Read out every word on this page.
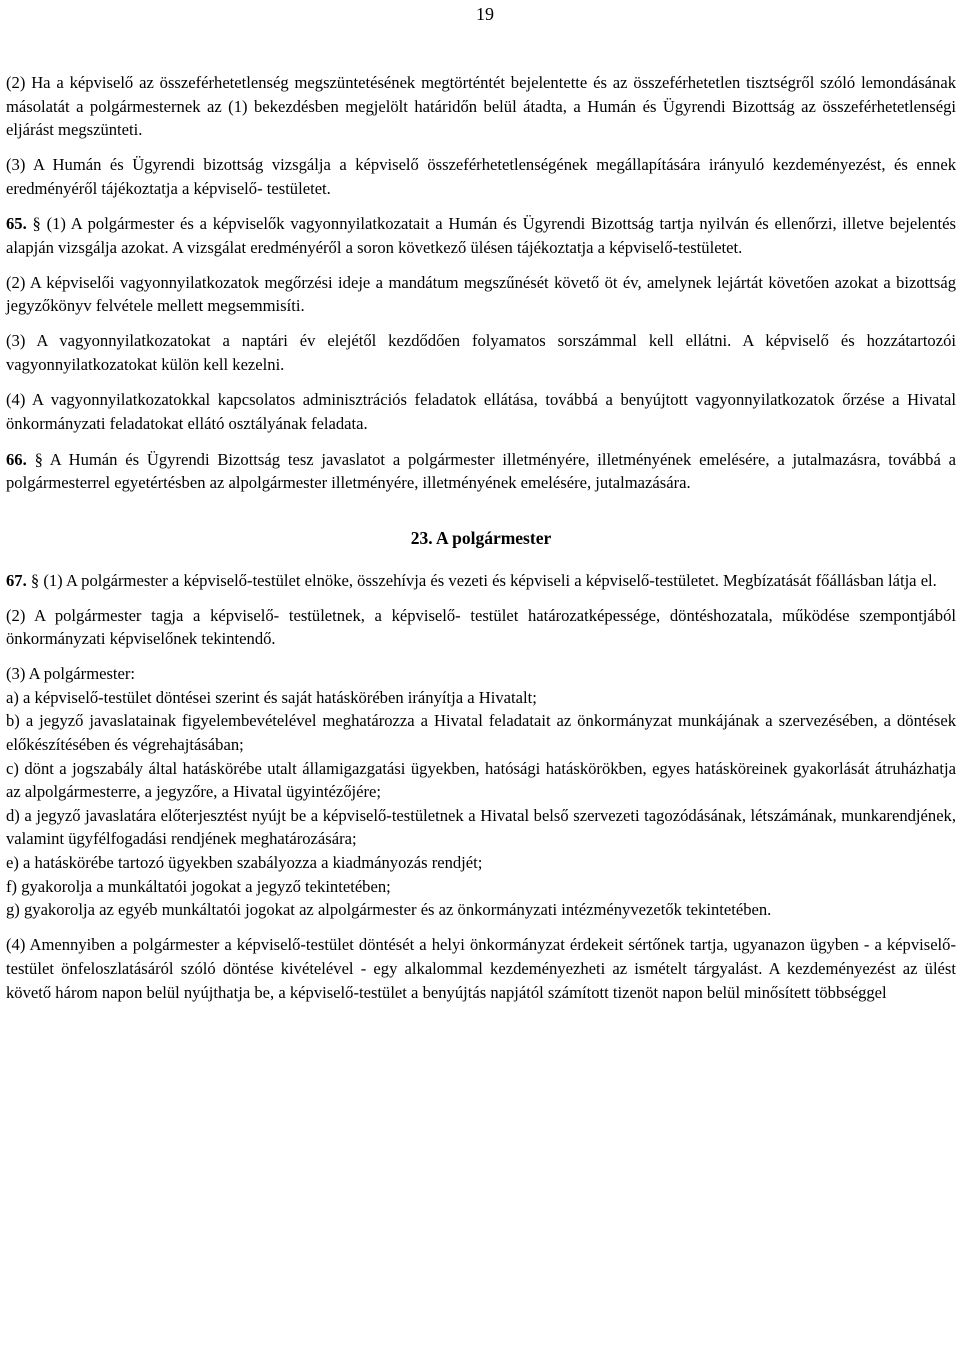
19

(2) Ha a képviselő az összeférhetetlenség megszüntetésének megtörténtét bejelentette és az összeférhetetlen tisztségről szóló lemondásának másolatát a polgármesternek az (1) bekezdésben megjelölt határidőn belül átadta, a Humán és Ügyrendi Bizottság az összeférhetetlenségi eljárást megszünteti.

(3) A Humán és Ügyrendi bizottság vizsgálja a képviselő összeférhetetlenségének megállapítására irányuló kezdeményezést, és ennek eredményéről tájékoztatja a képviselő- testületet.

65. § (1) A polgármester és a képviselők vagyonnyilatkozatait a Humán és Ügyrendi Bizottság tartja nyilván és ellenőrzi, illetve bejelentés alapján vizsgálja azokat. A vizsgálat eredményéről a soron következő ülésen tájékoztatja a képviselő-testületet.

(2) A képviselői vagyonnyilatkozatok megőrzési ideje a mandátum megszűnését követő öt év, amelynek lejártát követően azokat a bizottság jegyzőkönyv felvétele mellett megsemmisíti.

(3) A vagyonnyilatkozatokat a naptári év elejétől kezdődően folyamatos sorszámmal kell ellátni. A képviselő és hozzátartozói vagyonnyilatkozatokat külön kell kezelni.

(4) A vagyonnyilatkozatokkal kapcsolatos adminisztrációs feladatok ellátása, továbbá a benyújtott vagyonnyilatkozatok őrzése a Hivatal önkormányzati feladatokat ellátó osztályának feladata.

66. § A Humán és Ügyrendi Bizottság tesz javaslatot a polgármester illetményére, illetményének emelésére, a jutalmazásra, továbbá a polgármesterrel egyetértésben az alpolgármester illetményére, illetményének emelésére, jutalmazására.

23. A polgármester

67. § (1) A polgármester a képviselő-testület elnöke, összehívja és vezeti és képviseli a képviselő-testületet. Megbízatását főállásban látja el.

(2) A polgármester tagja a képviselő- testületnek, a képviselő- testület határozatképessége, döntéshozatala, működése szempontjából önkormányzati képviselőnek tekintendő.

(3) A polgármester:
a) a képviselő-testület döntései szerint és saját hatáskörében irányítja a Hivatalt;
b) a jegyző javaslatainak figyelembevételével meghatározza a Hivatal feladatait az önkormányzat munkájának a szervezésében, a döntések előkészítésében és végrehajtásában;
c) dönt a jogszabály által hatáskörébe utalt államigazgatási ügyekben, hatósági hatáskörökben, egyes hatásköreinek gyakorlását átruházhatja az alpolgármesterre, a jegyzőre, a Hivatal ügyintézőjére;
d) a jegyző javaslatára előterjesztést nyújt be a képviselő-testületnek a Hivatal belső szervezeti tagozódásának, létszámának, munkarendjének, valamint ügyfélfogadási rendjének meghatározására;
e) a hatáskörébe tartozó ügyekben szabályozza a kiadmányozás rendjét;
f) gyakorolja a munkáltatói jogokat a jegyző tekintetében;
g) gyakorolja az egyéb munkáltatói jogokat az alpolgármester és az önkormányzati intézményvezetők tekintetében.

(4) Amennyiben a polgármester a képviselő-testület döntését a helyi önkormányzat érdekeit sértőnek tartja, ugyanazon ügyben - a képviselő-testület önfeloszlatásáról szóló döntése kivételével - egy alkalommal kezdeményezheti az ismételt tárgyalást. A kezdeményezést az ülést követő három napon belül nyújthatja be, a képviselő-testület a benyújtás napjától számított tizenöt napon belül minősített többséggel
